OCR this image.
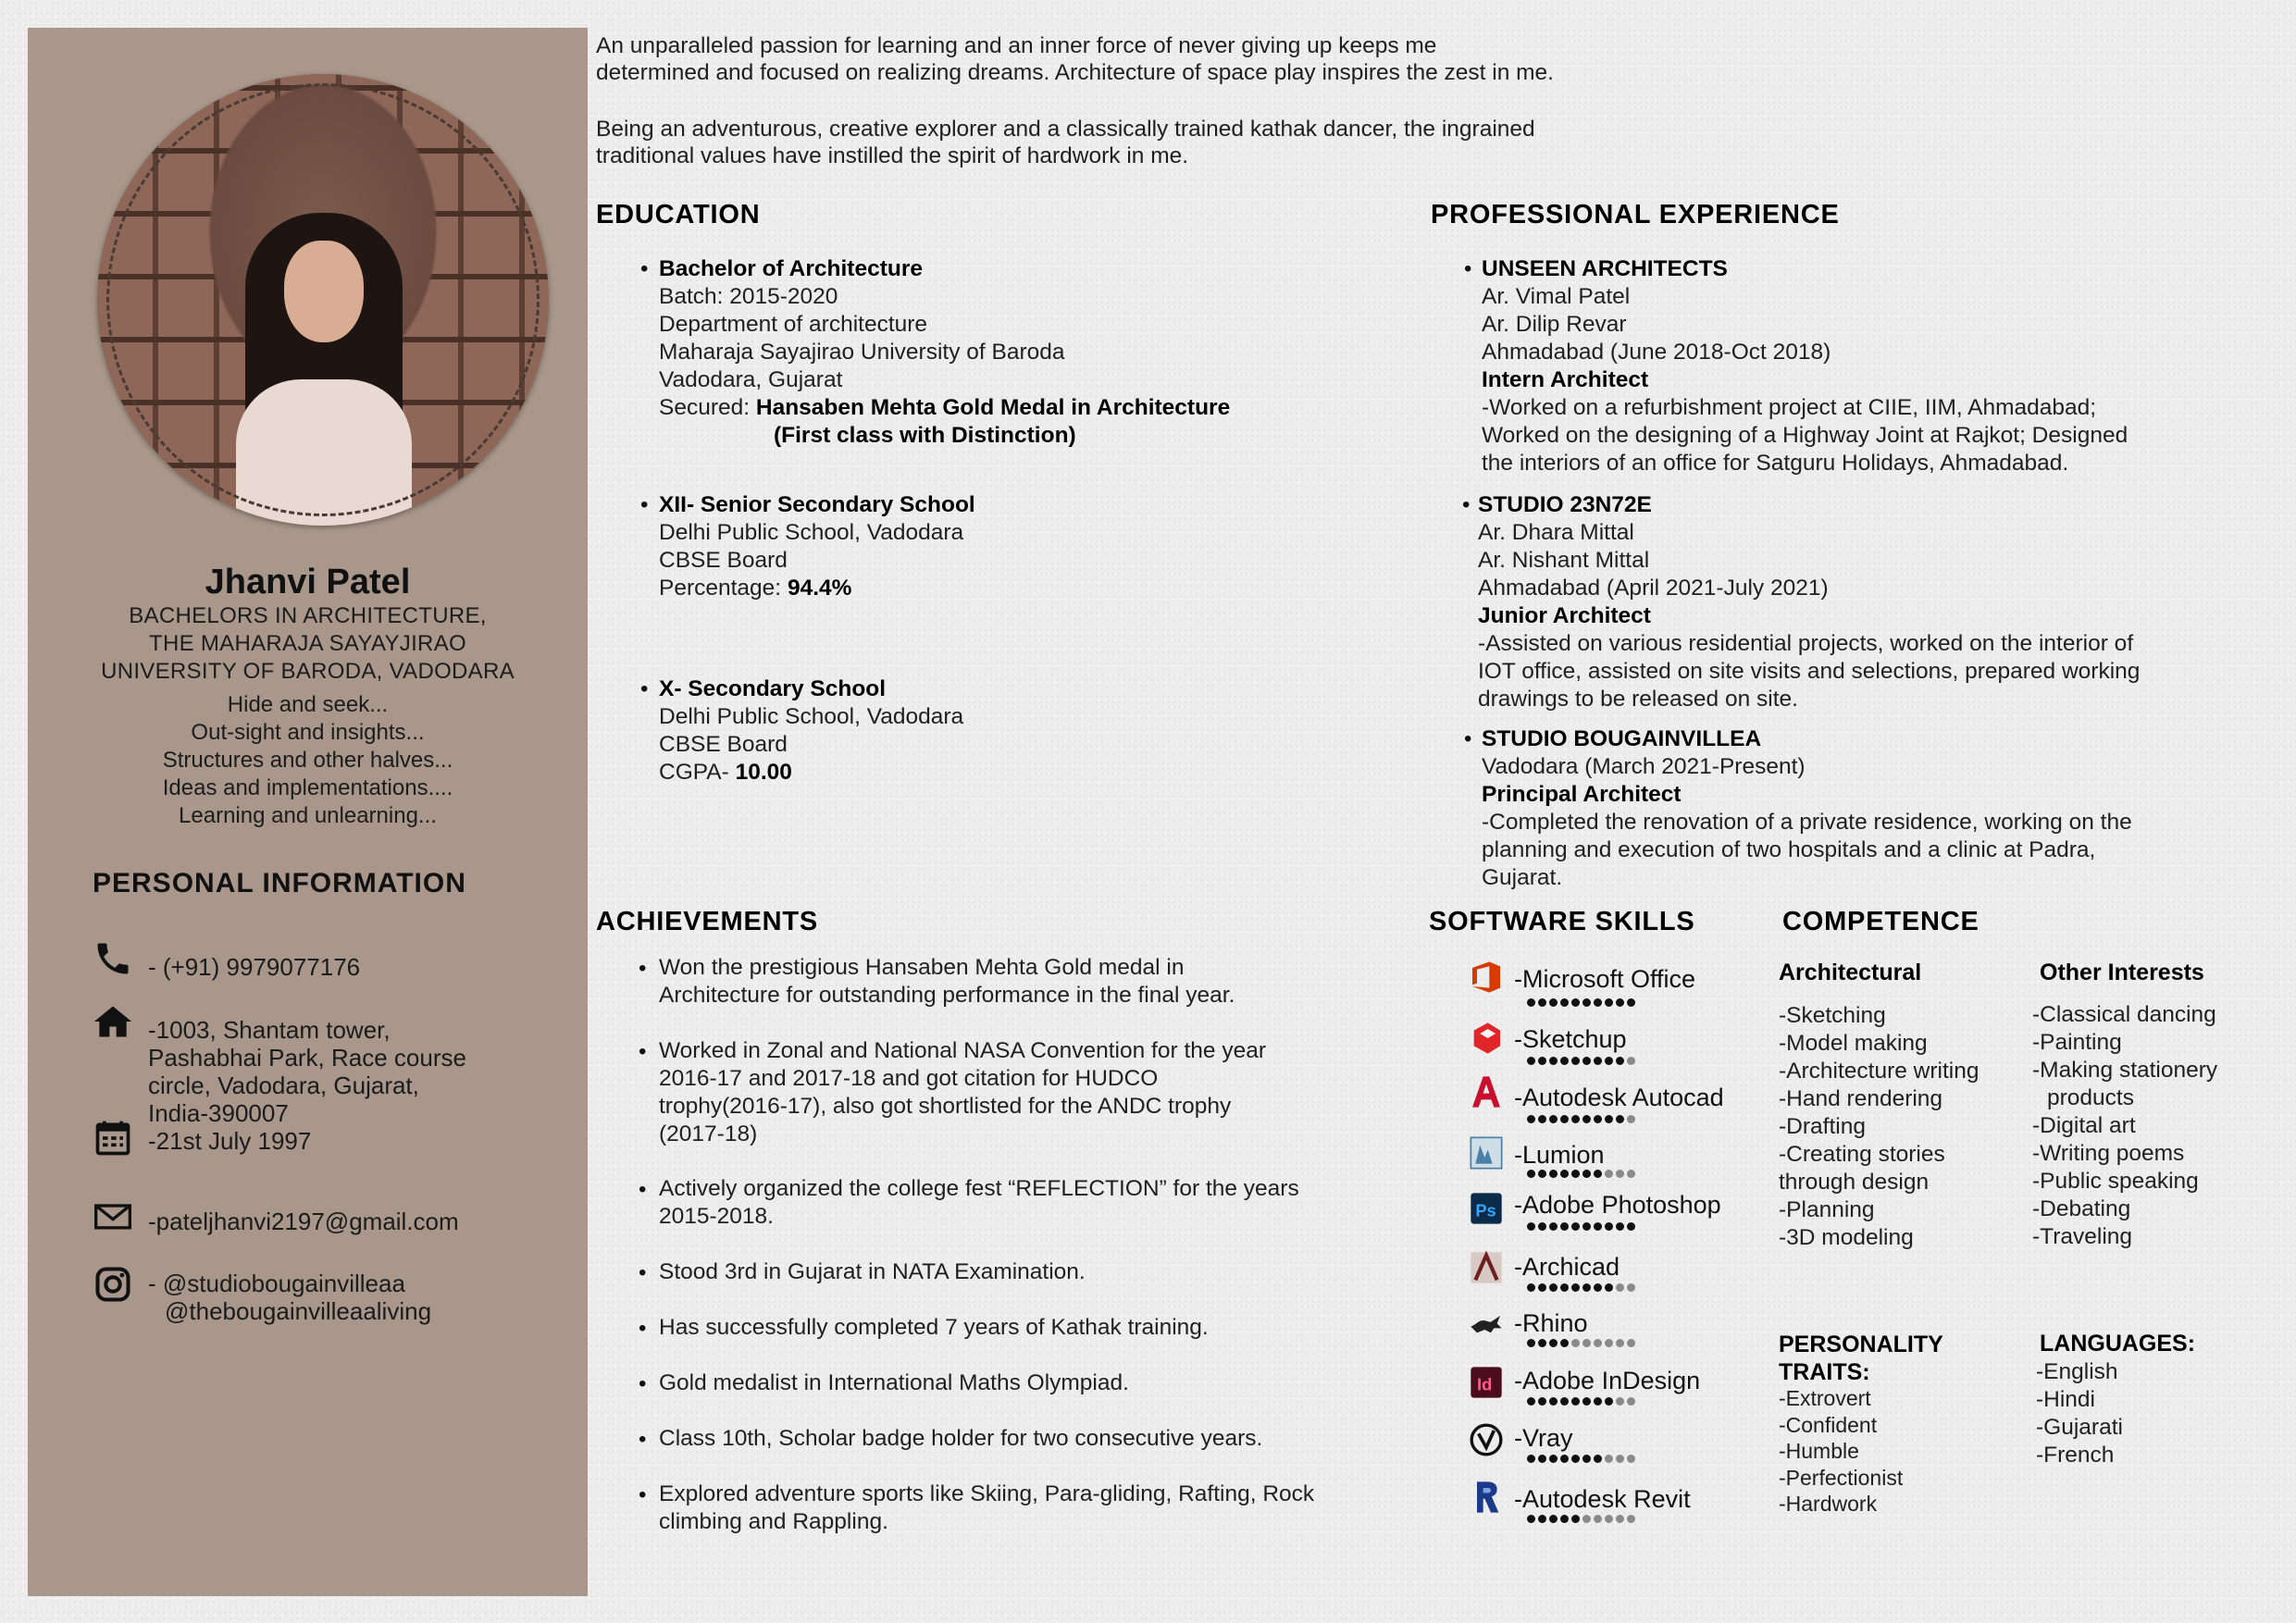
Jhanvi Patel
BACHELORS IN ARCHITECTURE,
THE MAHARAJA SAYAYJIRAO
UNIVERSITY OF BARODA, VADODARA
Hide and seek...
Out-sight and insights...
Structures and other halves...
Ideas and implementations....
Learning and unlearning...
PERSONAL INFORMATION
- (+91) 9979077176
-1003, Shantam tower,
Pashabhai Park, Race course
circle, Vadodara, Gujarat,
India-390007
-21st July 1997
-pateljhanvi2197@gmail.com
- @studiobougainvilleaa
@thebougainvilleaaliving
An unparalleled passion for learning and an inner force of never giving up keeps me
determined and focused on realizing dreams. Architecture of space play inspires the zest in me.
Being an adventurous, creative explorer and a classically trained kathak dancer, the ingrained
traditional values have instilled the spirit of hardwork in me.
EDUCATION
• Bachelor of Architecture
Batch: 2015-2020
Department of architecture
Maharaja Sayajirao University of Baroda
Vadodara, Gujarat
Secured: Hansaben Mehta Gold Medal in Architecture
(First class with Distinction)
• XII- Senior Secondary School
Delhi Public School, Vadodara
CBSE Board
Percentage: 94.4%
• X- Secondary School
Delhi Public School, Vadodara
CBSE Board
CGPA- 10.00
PROFESSIONAL EXPERIENCE
• UNSEEN ARCHITECTS
Ar. Vimal Patel
Ar. Dilip Revar
Ahmadabad (June 2018-Oct 2018)
Intern Architect
-Worked on a refurbishment project at CIIE, IIM, Ahmadabad;
Worked on the designing of a Highway Joint at Rajkot; Designed
the interiors of an office for Satguru Holidays, Ahmadabad.
• STUDIO 23N72E
Ar. Dhara Mittal
Ar. Nishant Mittal
Ahmadabad (April 2021-July 2021)
Junior Architect
-Assisted on various residential projects, worked on the interior of
IOT office, assisted on site visits and selections, prepared working
drawings to be released on site.
• STUDIO BOUGAINVILLEA
Vadodara (March 2021-Present)
Principal Architect
-Completed the renovation of a private residence, working on the
planning and execution of two hospitals and a clinic at Padra,
Gujarat.
ACHIEVEMENTS
• Won the prestigious Hansaben Mehta Gold medal in
Architecture for outstanding performance in the final year.
• Worked in Zonal and National NASA Convention for the year
2016-17 and 2017-18 and got citation for HUDCO
trophy(2016-17), also got shortlisted for the ANDC trophy
(2017-18)
• Actively organized the college fest “REFLECTION” for the years
2015-2018.
• Stood 3rd in Gujarat in NATA Examination.
• Has successfully completed 7 years of Kathak training.
• Gold medalist in International Maths Olympiad.
• Class 10th, Scholar badge holder for two consecutive years.
• Explored adventure sports like Skiing, Para-gliding, Rafting, Rock
climbing and Rappling.
SOFTWARE SKILLS
-Microsoft Office
-Sketchup
-Autodesk Autocad
-Lumion
Ps -Adobe Photoshop
-Archicad
-Rhino
Id -Adobe InDesign
-Vray
-Autodesk Revit
COMPETENCE
Architectural
-Sketching
-Model making
-Architecture writing
-Hand rendering
-Drafting
-Creating stories
through design
-Planning
-3D modeling
Other Interests
-Classical dancing
-Painting
-Making stationery
products
-Digital art
-Writing poems
-Public speaking
-Debating
-Traveling
PERSONALITY
TRAITS:
-Extrovert
-Confident
-Humble
-Perfectionist
-Hardwork
LANGUAGES:
-English
-Hindi
-Gujarati
-French
